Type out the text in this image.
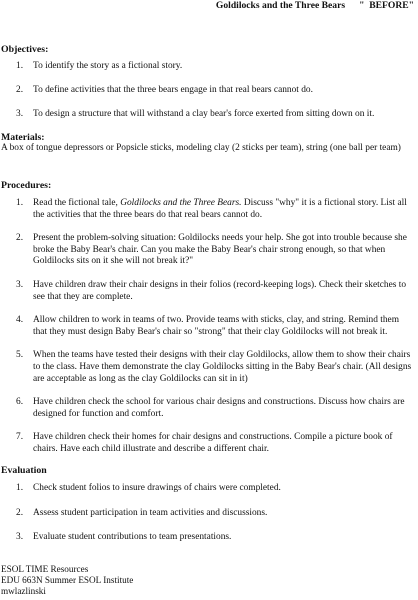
Goldilocks and the Three Bears " BEFORE"
Objectives:
1. To identify the story as a fictional story.
2. To define activities that the three bears engage in that real bears cannot do.
3. To design a structure that will withstand a clay bear's force exerted from sitting down on it.
Materials:
A box of tongue depressors or Popsicle sticks, modeling clay (2 sticks per team), string (one ball per team)
Procedures:
1. Read the fictional tale, Goldilocks and the Three Bears. Discuss "why" it is a fictional story. List all the activities that the three bears do that real bears cannot do.
2. Present the problem-solving situation: Goldilocks needs your help. She got into trouble because she broke the Baby Bear's chair. Can you make the Baby Bear's chair strong enough, so that when Goldilocks sits on it she will not break it?"
3. Have children draw their chair designs in their folios (record-keeping logs). Check their sketches to see that they are complete.
4. Allow children to work in teams of two. Provide teams with sticks, clay, and string. Remind them that they must design Baby Bear's chair so "strong" that their clay Goldilocks will not break it.
5. When the teams have tested their designs with their clay Goldilocks, allow them to show their chairs to the class. Have them demonstrate the clay Goldilocks sitting in the Baby Bear's chair. (All designs are acceptable as long as the clay Goldilocks can sit in it)
6. Have children check the school for various chair designs and constructions. Discuss how chairs are designed for function and comfort.
7. Have children check their homes for chair designs and constructions. Compile a picture book of chairs. Have each child illustrate and describe a different chair.
Evaluation
1. Check student folios to insure drawings of chairs were completed.
2. Assess student participation in team activities and discussions.
3. Evaluate student contributions to team presentations.
ESOL TIME Resources
EDU 663N Summer ESOL Institute
mwlazlinski
